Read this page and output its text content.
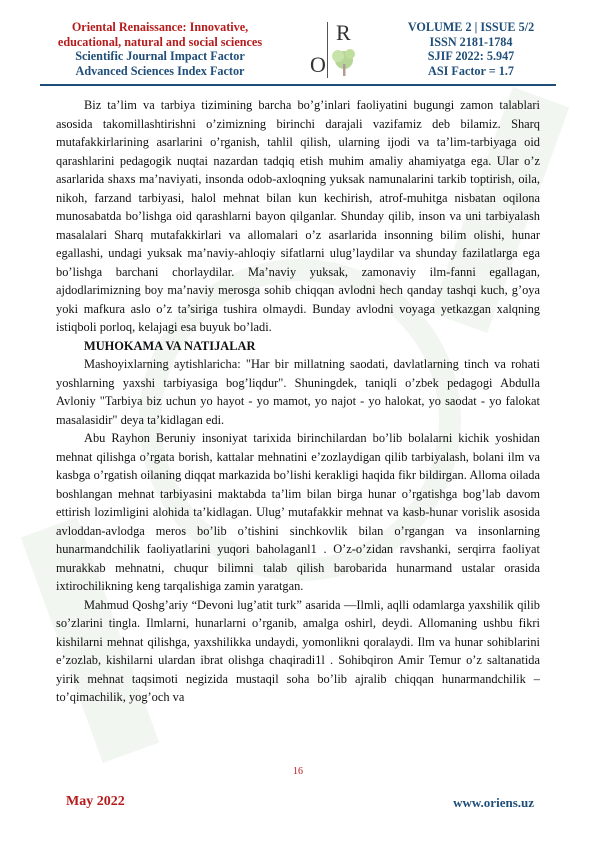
Oriental Renaissance: Innovative,
educational, natural and social sciences
Scientific Journal Impact Factor
Advanced Sciences Index Factor
R
O
VOLUME 2 | ISSUE 5/2
ISSN 2181-1784
SJIF 2022: 5.947
ASI Factor = 1.7

Biz ta’lim va tarbiya tizimining barcha bo’g’inlari faoliyatini bugungi zamon talablari asosida takomillashtirishni o’zimizning birinchi darajali vazifamiz deb bilamiz. Sharq mutafakkirlarining asarlarini o’rganish, tahlil qilish, ularning ijodi va ta’lim-tarbiyaga oid qarashlarini pedagogik nuqtai nazardan tadqiq etish muhim amaliy ahamiyatga ega. Ular o’z asarlarida shaxs ma’naviyati, insonda odob-axloqning yuksak namunalarini tarkib toptirish, oila, nikoh, farzand tarbiyasi, halol mehnat bilan kun kechirish, atrof-muhitga nisbatan oqilona munosabatda bo’lishga oid qarashlarni bayon qilganlar. Shunday qilib, inson va uni tarbiyalash masalalari Sharq mutafakkirlari va allomalari o’z asarlarida insonning bilim olishi, hunar egallashi, undagi yuksak ma’naviy-ahloqiy sifatlarni ulug’laydilar va shunday fazilatlarga ega bo’lishga barchani chorlaydilar. Ma’naviy yuksak, zamonaviy ilm-fanni egallagan, ajdodlarimizning boy ma’naviy merosga sohib chiqqan avlodni hech qanday tashqi kuch, g’oya yoki mafkura aslo o’z ta’siriga tushira olmaydi. Bunday avlodni voyaga yetkazgan xalqning istiqboli porloq, kelajagi esa buyuk bo’ladi.

MUHOKAMA VA NATIJALAR

Mashoyixlarning aytishlaricha: "Har bir millatning saodati, davlatlarning tinch va rohati yoshlarning yaxshi tarbiyasiga bog’liqdur". Shuningdek, taniqli o’zbek pedagogi Abdulla Avloniy "Tarbiya biz uchun yo hayot - yo mamot, yo najot - yo halokat, yo saodat - yo falokat masalasidir" deya ta’kidlagan edi.

Abu Rayhon Beruniy insoniyat tarixida birinchilardan bo’lib bolalarni kichik yoshidan mehnat qilishga o’rgata borish, kattalar mehnatini e’zozlaydigan qilib tarbiyalash, bolani ilm va kasbga o’rgatish oilaning diqqat markazida bo’lishi kerakligi haqida fikr bildirgan. Alloma oilada boshlangan mehnat tarbiyasini maktabda ta’lim bilan birga hunar o’rgatishga bog’lab davom ettirish lozimligini alohida ta’kidlagan. Ulug’ mutafakkir mehnat va kasb-hunar vorislik asosida avloddan-avlodga meros bo’lib o’tishini sinchkovlik bilan o’rgangan va insonlarning hunarmandchilik faoliyatlarini yuqori baholaganl1 . O’z-o’zidan ravshanki, serqirra faoliyat murakkab mehnatni, chuqur bilimni talab qilish barobarida hunarmand ustalar orasida ixtirochilikning keng tarqalishiga zamin yaratgan.

Mahmud Qoshg’ariy “Devoni lug’atit turk” asarida ―Ilmli, aqlli odamlarga yaxshilik qilib so’zlarini tingla. Ilmlarni, hunarlarni o’rganib, amalga oshirl, deydi. Allomaning ushbu fikri kishilarni mehnat qilishga, yaxshilikka undaydi, yomonlikni qoralaydi. Ilm va hunar sohiblarini e’zozlab, kishilarni ulardan ibrat olishga chaqiradi1l . Sohibqiron Amir Temur o’z saltanatida yirik mehnat taqsimoti negizida mustaqil soha bo’lib ajralib chiqqan hunarmandchilik – to’qimachilik, yog’och va

16
May 2022	www.oriens.uz
